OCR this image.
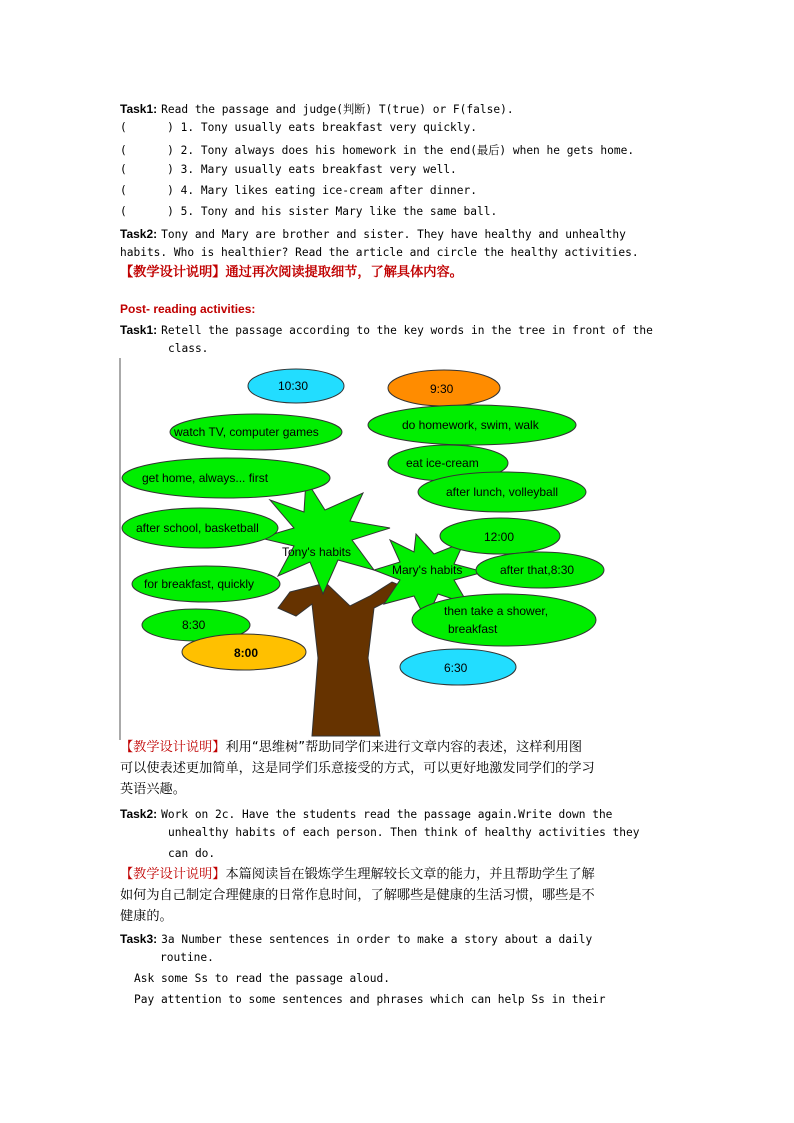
Task1: Read the passage and judge(判断) T(true) or F(false).
(      ) 1. Tony usually eats breakfast very quickly.
(      ) 2. Tony always does his homework in the end(最后) when he gets home.
(      ) 3. Mary usually eats breakfast very well.
(      ) 4. Mary likes eating ice-cream after dinner.
(      ) 5. Tony and his sister Mary like the same ball.
Task2: Tony and Mary are brother and sister. They have healthy and unhealthy
habits. Who is healthier? Read the article and circle the healthy activities.
【教学设计说明】通过再次阅读提取细节，了解具体内容。
Post- reading activities:
Task1: Retell the passage according to the key words in the tree in front of the
class.
Tony's habits
Mary's habits
10:30
watch TV, computer games
get home, always... first
after school, basketball
for breakfast, quickly
8:30
8:00
9:30
do homework, swim, walk
eat ice-cream
after lunch, volleyball
12:00
after that,8:30
then take a shower,
breakfast
6:30
【教学设计说明】利用“思维树”帮助同学们来进行文章内容的表述，这样利用图
可以使表述更加简单，这是同学们乐意接受的方式，可以更好地激发同学们的学习
英语兴趣。
Task2: Work on 2c. Have the students read the passage again.Write down the
unhealthy habits of each person. Then think of healthy activities they
can do.
【教学设计说明】本篇阅读旨在锻炼学生理解较长文章的能力，并且帮助学生了解
如何为自己制定合理健康的日常作息时间，了解哪些是健康的生活习惯，哪些是不
健康的。
Task3: 3a Number these sentences in order to make a story about a daily
routine.
Ask some Ss to read the passage aloud.
Pay attention to some sentences and phrases which can help Ss in their
